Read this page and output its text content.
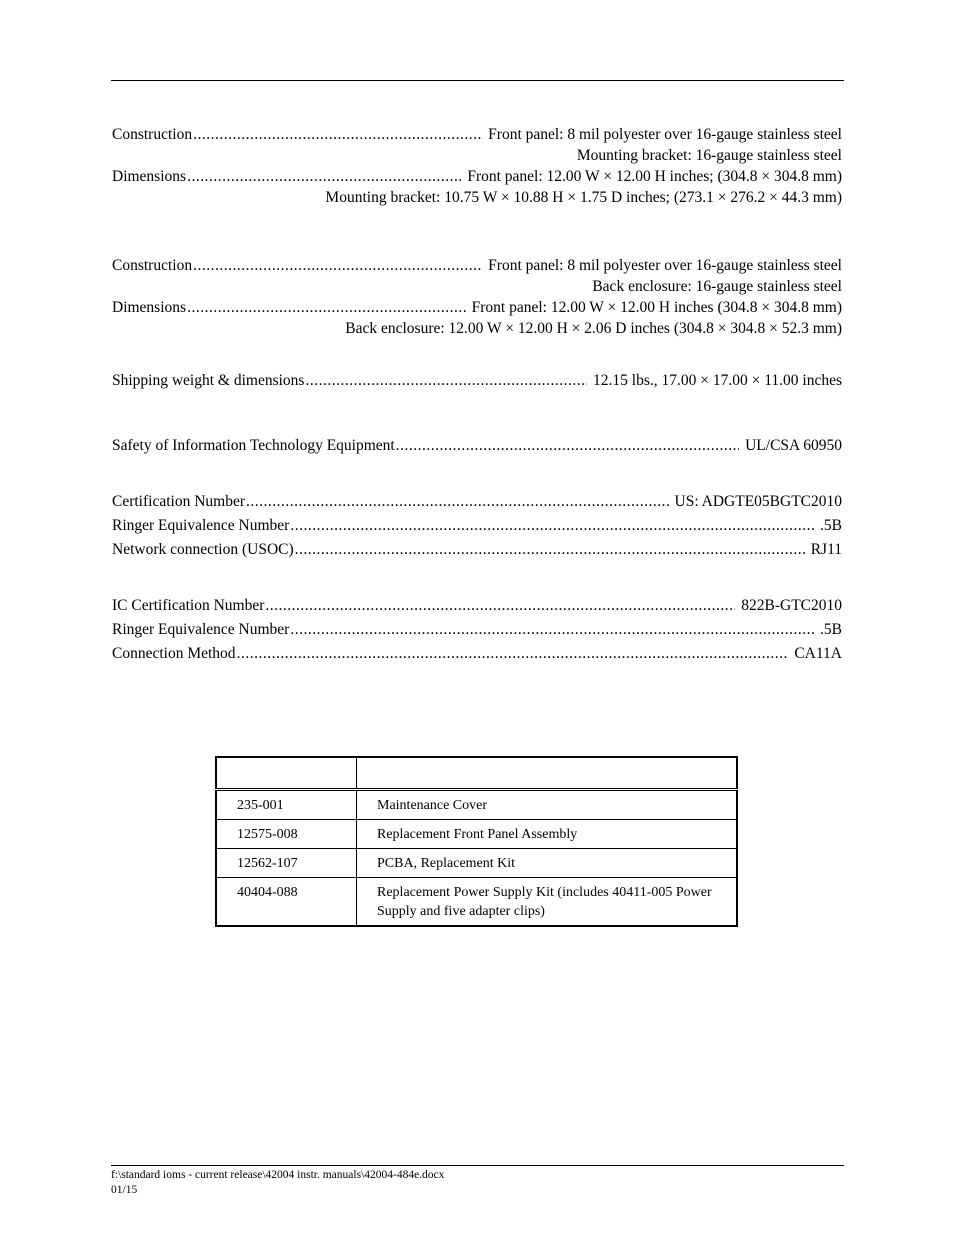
Construction .....	Front panel: 8 mil polyester over 16-gauge stainless steel
Mounting bracket: 16-gauge stainless steel
Dimensions .....	Front panel: 12.00 W × 12.00 H inches; (304.8 × 304.8 mm)
Mounting bracket: 10.75 W × 10.88 H × 1.75 D inches; (273.1 × 276.2 × 44.3 mm)
Construction .....	Front panel: 8 mil polyester over 16-gauge stainless steel
Back enclosure: 16-gauge stainless steel
Dimensions .....	Front panel: 12.00 W × 12.00 H inches (304.8 × 304.8 mm)
Back enclosure: 12.00 W × 12.00 H × 2.06 D inches (304.8 × 304.8 × 52.3 mm)
Shipping weight & dimensions .....	12.15 lbs., 17.00 × 17.00 × 11.00 inches
Safety of Information Technology Equipment .....	UL/CSA 60950
Certification Number .....	US: ADGTE05BGTC2010
Ringer Equivalence Number .....	.5B
Network connection (USOC) .....	RJ11
IC Certification Number .....	822B-GTC2010
Ringer Equivalence Number .....	.5B
Connection Method .....	CA11A

235-001	Maintenance Cover
12575-008	Replacement Front Panel Assembly
12562-107	PCBA, Replacement Kit
40404-088	Replacement Power Supply Kit (includes 40411-005 Power Supply and five adapter clips)
f:\standard ioms - current release\42004 instr. manuals\42004-484e.docx
01/15
